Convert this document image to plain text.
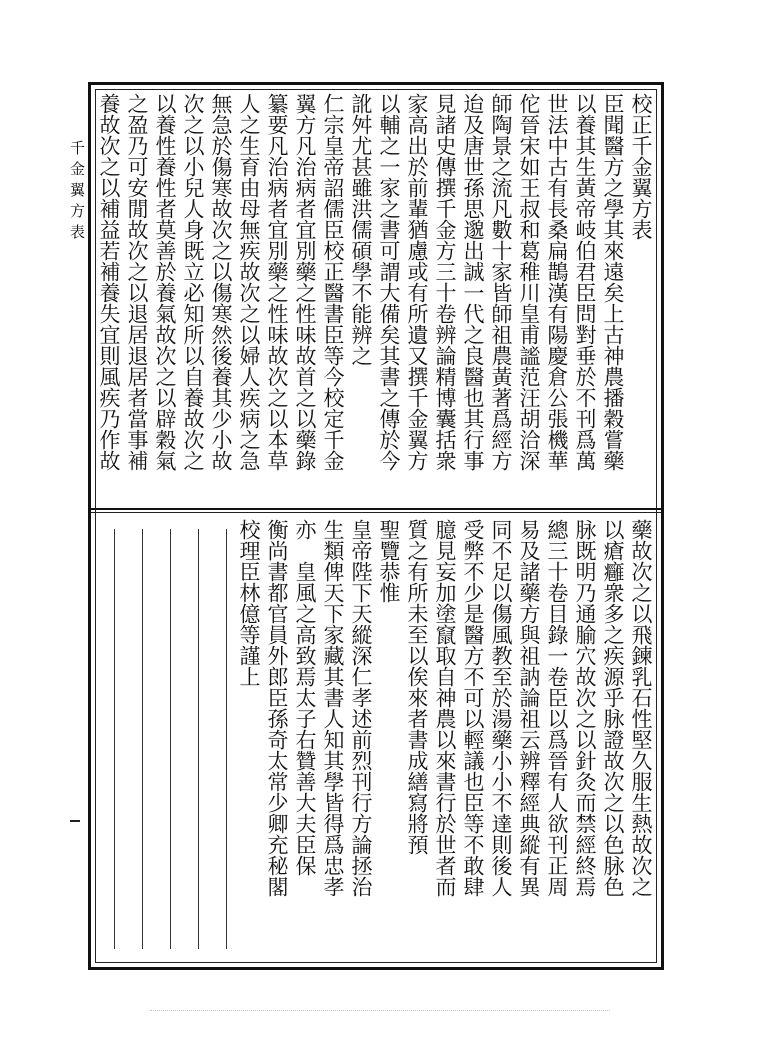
千金翼方表	校正千金翼方表
臣聞醫方之學其來遠矣上古神農播穀嘗藥
以養其生黃帝岐伯君臣問對垂於不刊爲萬
世法中古有長桑扁鵲漢有陽慶倉公張機華
佗晉宋如王叔和葛稚川皇甫謐范汪胡洽深
師陶景之流凡數十家皆師祖農黃著爲經方
迨及唐世孫思邈出誠一代之良醫也其行事
見諸史傳撰千金方三十卷辨論精博囊括衆
家高出於前輩猶慮或有所遺又撰千金翼方
以輔之一家之書可謂大備矣其書之傳於今
訛舛尤甚雖洪儒碩學不能辨之
仁宗皇帝詔儒臣校正醫書臣等今校定千金
翼方凡治病者宜別藥之性味故首之以藥錄
纂要凡治病者宜別藥之性味故次之以本草
人之生育由母無疾故次之以婦人疾病之急
無急於傷寒故次之以傷寒然後養其少小故
次之以小兒人身既立必知所以自養故次之
以養性養性者莫善於養氣故次之以辟穀氣
之盈乃可安閒故次之以退居退居者當事補
養故次之以補益若補養失宜則風疾乃作故
藥故次之以飛鍊乳石性堅久服生熱故次之
以瘡癰衆多之疾源乎脉證故次之以色脉色
脉既明乃通腧穴故次之以針灸而禁經終焉
總三十卷目錄一卷臣以爲晉有人欲刊正周
易及諸藥方與祖訥論祖云辨釋經典縱有異
同不足以傷風教至於湯藥小小不達則後人
受弊不少是醫方不可以輕議也臣等不敢肆
臆見妄加塗竄取自神農以來書行於世者而
質之有所未至以俟來者書成繕寫將預
聖覽恭惟
皇帝陛下天縱深仁孝述前烈刊行方論拯治
生類俾天下家藏其書人知其學皆得爲忠孝
亦　皇風之高致焉太子右贊善大夫臣保
衡尚書都官員外郎臣孫奇太常少卿充秘閣
校理臣林億等謹上
